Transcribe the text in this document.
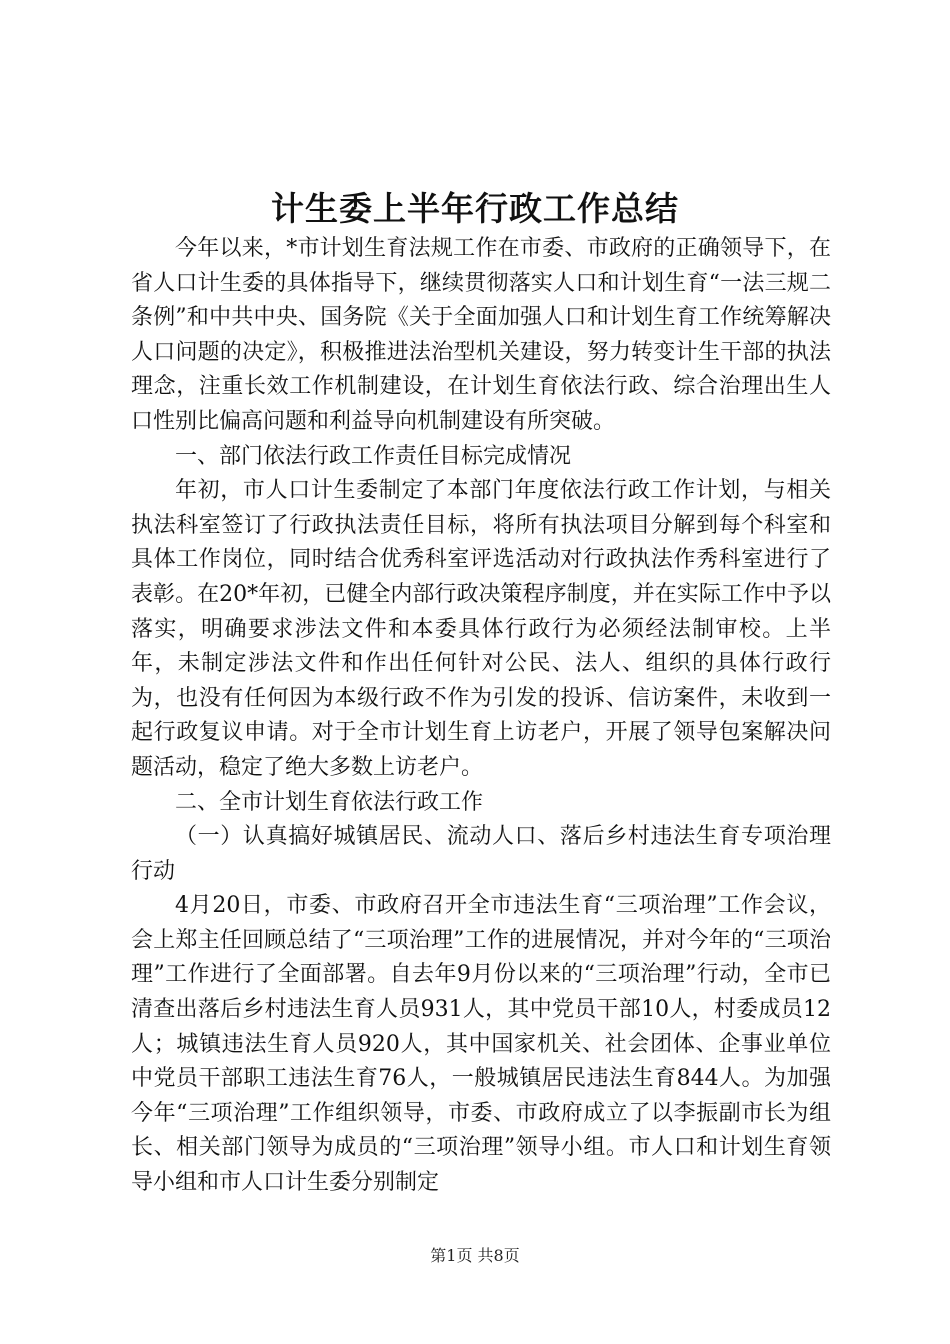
计生委上半年行政工作总结

今年以来，*市计划生育法规工作在市委、市政府的正确领导下，在省人口计生委的具体指导下，继续贯彻落实人口和计划生育“一法三规二条例”和中共中央、国务院《关于全面加强人口和计划生育工作统筹解决人口问题的决定》，积极推进法治型机关建设，努力转变计生干部的执法理念，注重长效工作机制建设，在计划生育依法行政、综合治理出生人口性别比偏高问题和利益导向机制建设有所突破。

一、部门依法行政工作责任目标完成情况

年初，市人口计生委制定了本部门年度依法行政工作计划，与相关执法科室签订了行政执法责任目标，将所有执法项目分解到每个科室和具体工作岗位，同时结合优秀科室评选活动对行政执法作秀科室进行了表彰。在20*年初，已健全内部行政决策程序制度，并在实际工作中予以落实，明确要求涉法文件和本委具体行政行为必须经法制审校。上半年，未制定涉法文件和作出任何针对公民、法人、组织的具体行政行为，也没有任何因为本级行政不作为引发的投诉、信访案件，未收到一起行政复议申请。对于全市计划生育上访老户，开展了领导包案解决问题活动，稳定了绝大多数上访老户。

二、全市计划生育依法行政工作

（一）认真搞好城镇居民、流动人口、落后乡村违法生育专项治理行动

4月20日，市委、市政府召开全市违法生育“三项治理”工作会议，会上郑主任回顾总结了“三项治理”工作的进展情况，并对今年的“三项治理”工作进行了全面部署。自去年9月份以来的“三项治理”行动，全市已清查出落后乡村违法生育人员931人，其中党员干部10人，村委成员12人；城镇违法生育人员920人，其中国家机关、社会团体、企事业单位中党员干部职工违法生育76人，一般城镇居民违法生育844人。为加强今年“三项治理”工作组织领导，市委、市政府成立了以李振副市长为组长、相关部门领导为成员的“三项治理”领导小组。市人口和计划生育领导小组和市人口计生委分别制定

第1页 共8页
